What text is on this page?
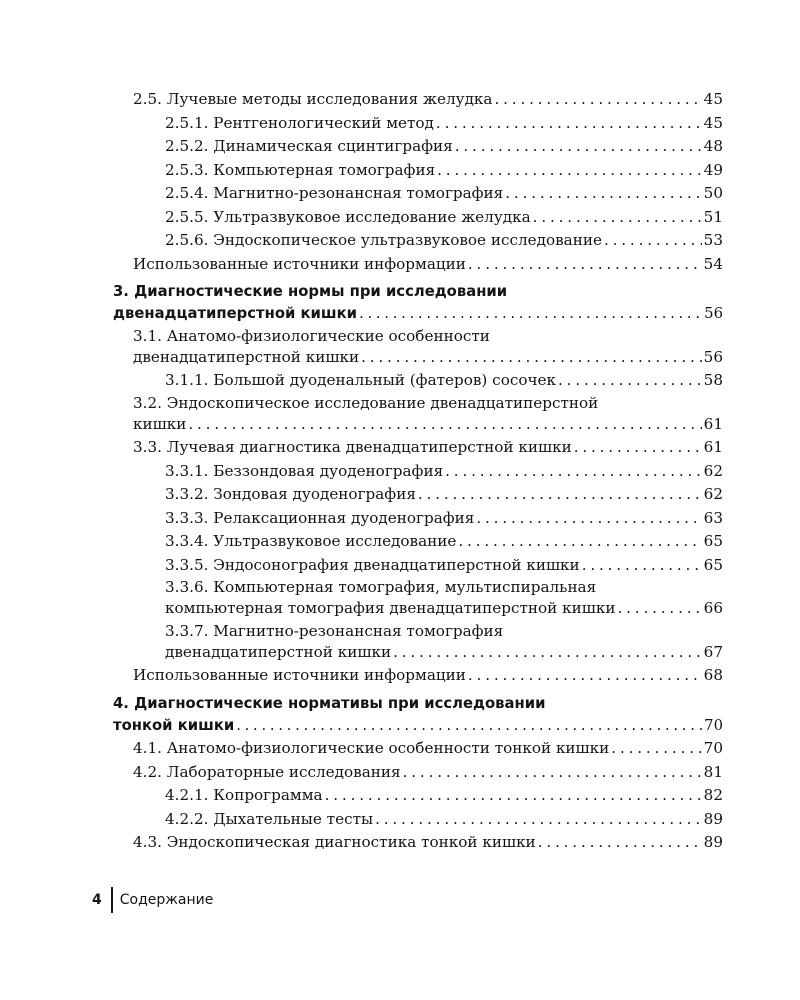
2.5. Лучевые методы исследования желудка . . .	45
2.5.1. Рентгенологический метод . . .	45
2.5.2. Динамическая сцинтиграфия . . .	48
2.5.3. Компьютерная томография . . .	49
2.5.4. Магнитно-резонансная томография . . .	50
2.5.5. Ультразвуковое исследование желудка . . .	51
2.5.6. Эндоскопическое ультразвуковое исследование . . .	53
Использованные источники информации . . .	54
3. Диагностические нормы при исследовании
двенадцатиперстной кишки . . .	56
3.1. Анатомо-физиологические особенности
двенадцатиперстной кишки . . .	56
3.1.1. Большой дуоденальный (фатеров) сосочек . . .	58
3.2. Эндоскопическое исследование двенадцатиперстной
кишки . . .	61
3.3. Лучевая диагностика двенадцатиперстной кишки . . .	61
3.3.1. Беззондовая дуоденография . . .	62
3.3.2. Зондовая дуоденография . . .	62
3.3.3. Релаксационная дуоденография . . .	63
3.3.4. Ультразвуковое исследование . . .	65
3.3.5. Эндосонография двенадцатиперстной кишки . . .	65
3.3.6. Компьютерная томография, мультиспиральная
компьютерная томография двенадцатиперстной кишки . . .	66
3.3.7. Магнитно-резонансная томография
двенадцатиперстной кишки . . .	67
Использованные источники информации . . .	68
4. Диагностические нормативы при исследовании
тонкой кишки . . .	70
4.1. Анатомо-физиологические особенности тонкой кишки . . .	70
4.2. Лабораторные исследования . . .	81
4.2.1. Копрограмма . . .	82
4.2.2. Дыхательные тесты . . .	89
4.3. Эндоскопическая диагностика тонкой кишки . . .	89
4 Содержание
